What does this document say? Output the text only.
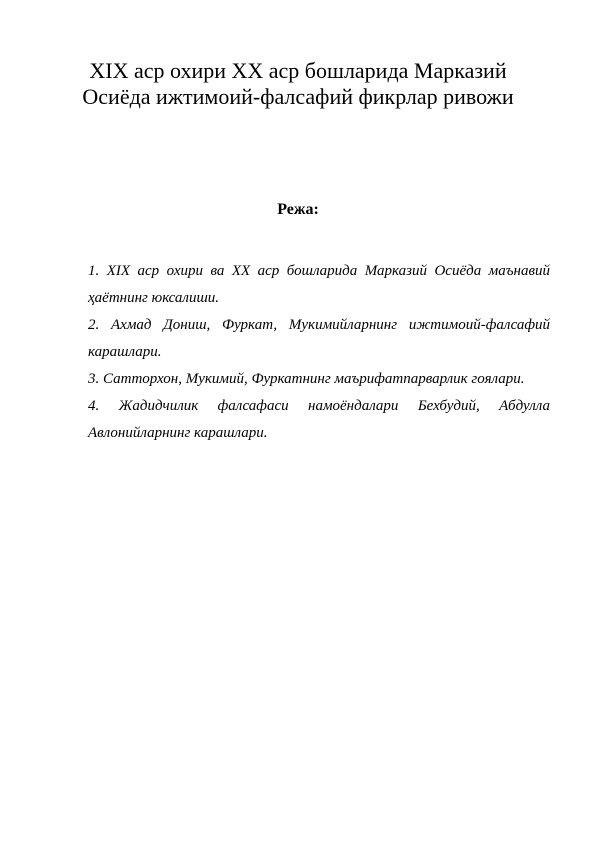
XIX аср охири XX аср бошларида Марказий
Осиёда ижтимоий-фалсафий фикрлар ривожи
Режа:
1. XIX аср охири ва XX аср бошларида Марказий Осиёда маънавий
ҳаётнинг юксалиши.
2. Ахмад Дониш, Фуркат, Мукимийларнинг ижтимоий-фалсафий
карашлари.
3. Сатторхон, Мукимий, Фуркатнинг маърифатпарварлик гоялари.
4. Жадидчилик фалсафаси намоёндалари Бехбудий, Абдулла
Авлонийларнинг карашлари.
